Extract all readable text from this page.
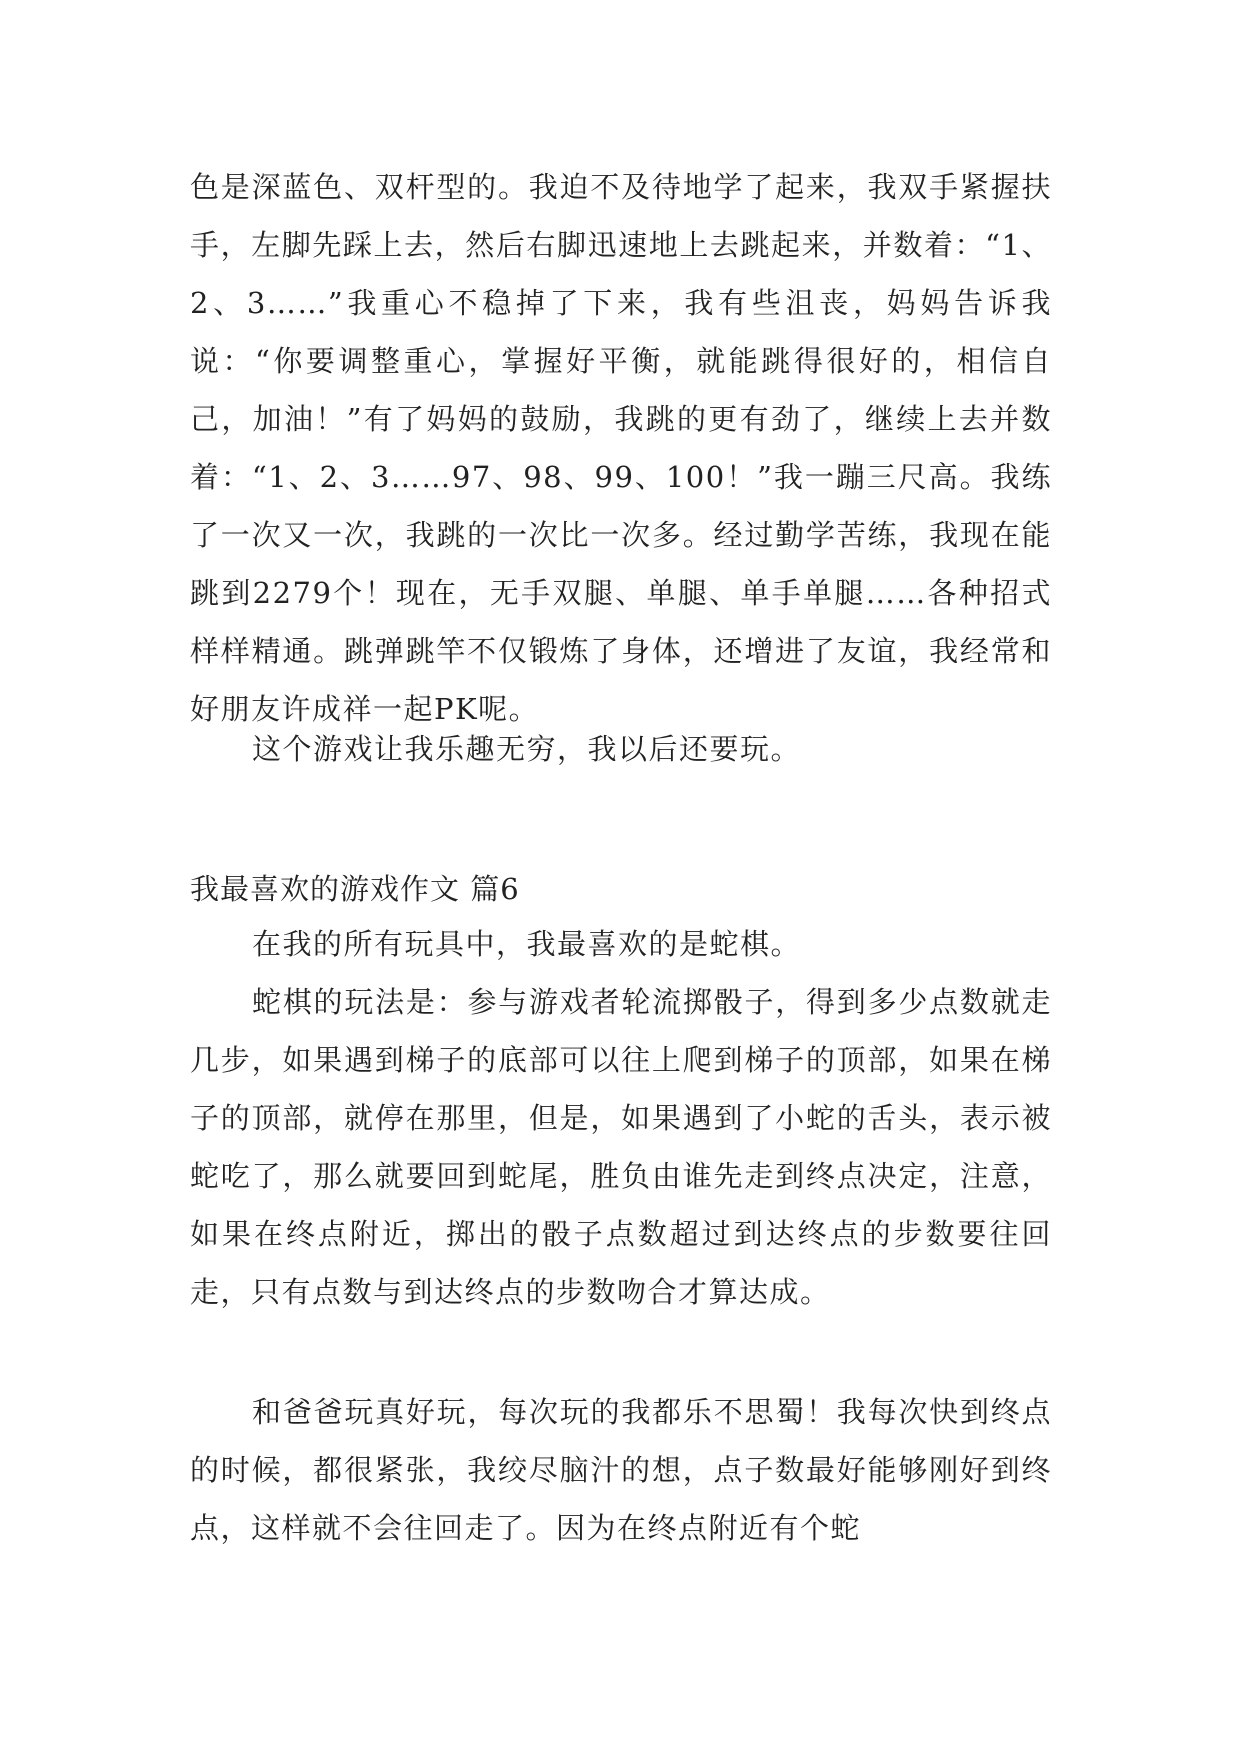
色是深蓝色、双杆型的。我迫不及待地学了起来，我双手紧握扶手，左脚先踩上去，然后右脚迅速地上去跳起来，并数着：“1、2、3……”我重心不稳掉了下来，我有些沮丧，妈妈告诉我说：“你要调整重心，掌握好平衡，就能跳得很好的，相信自己，加油！”有了妈妈的鼓励，我跳的更有劲了，继续上去并数着：“1、2、3……97、98、99、100！”我一蹦三尺高。我练了一次又一次，我跳的一次比一次多。经过勤学苦练，我现在能跳到2279个！现在，无手双腿、单腿、单手单腿……各种招式样样精通。跳弹跳竿不仅锻炼了身体，还增进了友谊，我经常和好朋友许成祥一起PK呢。

这个游戏让我乐趣无穷，我以后还要玩。

我最喜欢的游戏作文 篇6

在我的所有玩具中，我最喜欢的是蛇棋。

蛇棋的玩法是：参与游戏者轮流掷骰子，得到多少点数就走几步，如果遇到梯子的底部可以往上爬到梯子的顶部，如果在梯子的顶部，就停在那里，但是，如果遇到了小蛇的舌头，表示被蛇吃了，那么就要回到蛇尾，胜负由谁先走到终点决定，注意，如果在终点附近，掷出的骰子点数超过到达终点的步数要往回走，只有点数与到达终点的步数吻合才算达成。

和爸爸玩真好玩，每次玩的我都乐不思蜀！我每次快到终点的时候，都很紧张，我绞尽脑汁的想，点子数最好能够刚好到终点，这样就不会往回走了。因为在终点附近有个蛇
